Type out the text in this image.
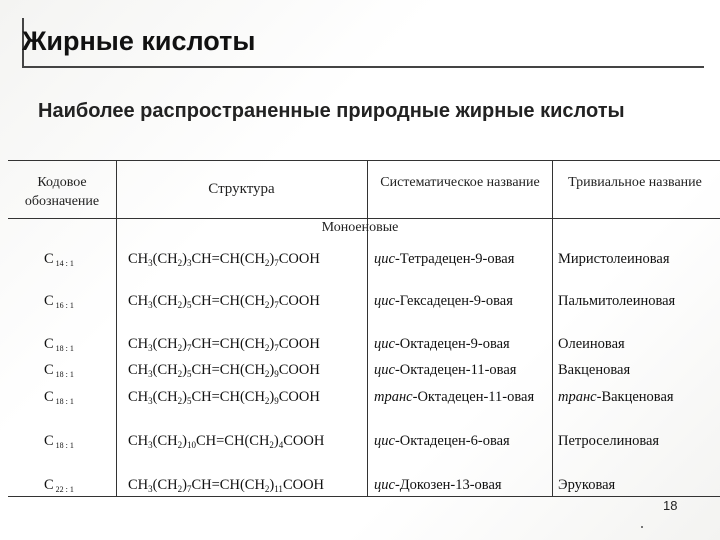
Жирные кислоты
Наиболее распространенные природные жирные кислоты
Кодовое обозначение
Структура	Систематическое название	Тривиальное название
Моноеновые
C $_{14 : 1}$	$CH_3(CH_2)_3CH=CH(CH_2)_7COOH$	цис-Тетрадецен-9-овая	Миристолеиновая
C $_{16 : 1}$	$CH_3(CH_2)_5CH=CH(CH_2)_7COOH$	цис-Гексадецен-9-овая	Пальмитолеиновая
C $_{18 : 1}$	$CH_3(CH_2)_7CH=CH(CH_2)_7COOH$	цис-Октадецен-9-овая	Олеиновая
C $_{18 : 1}$	$CH_3(CH_2)_5CH=CH(CH_2)_9COOH$	цис-Октадецен-11-овая	Вакценовая
C $_{18 : 1}$	$CH_3(CH_2)_5CH=CH(CH_2)_9COOH$	транс-Октадецен-11-овая	транс-Вакценовая
C $_{18 : 1}$	$CH_3(CH_2)_{10}CH=CH(CH_2)_4COOH$	цис-Октадецен-6-овая	Петроселиновая
C $_{22 : 1}$	$CH_3(CH_2)_7CH=CH(CH_2)_{11}COOH$	цис-Докозен-13-овая	Эруковая
18
